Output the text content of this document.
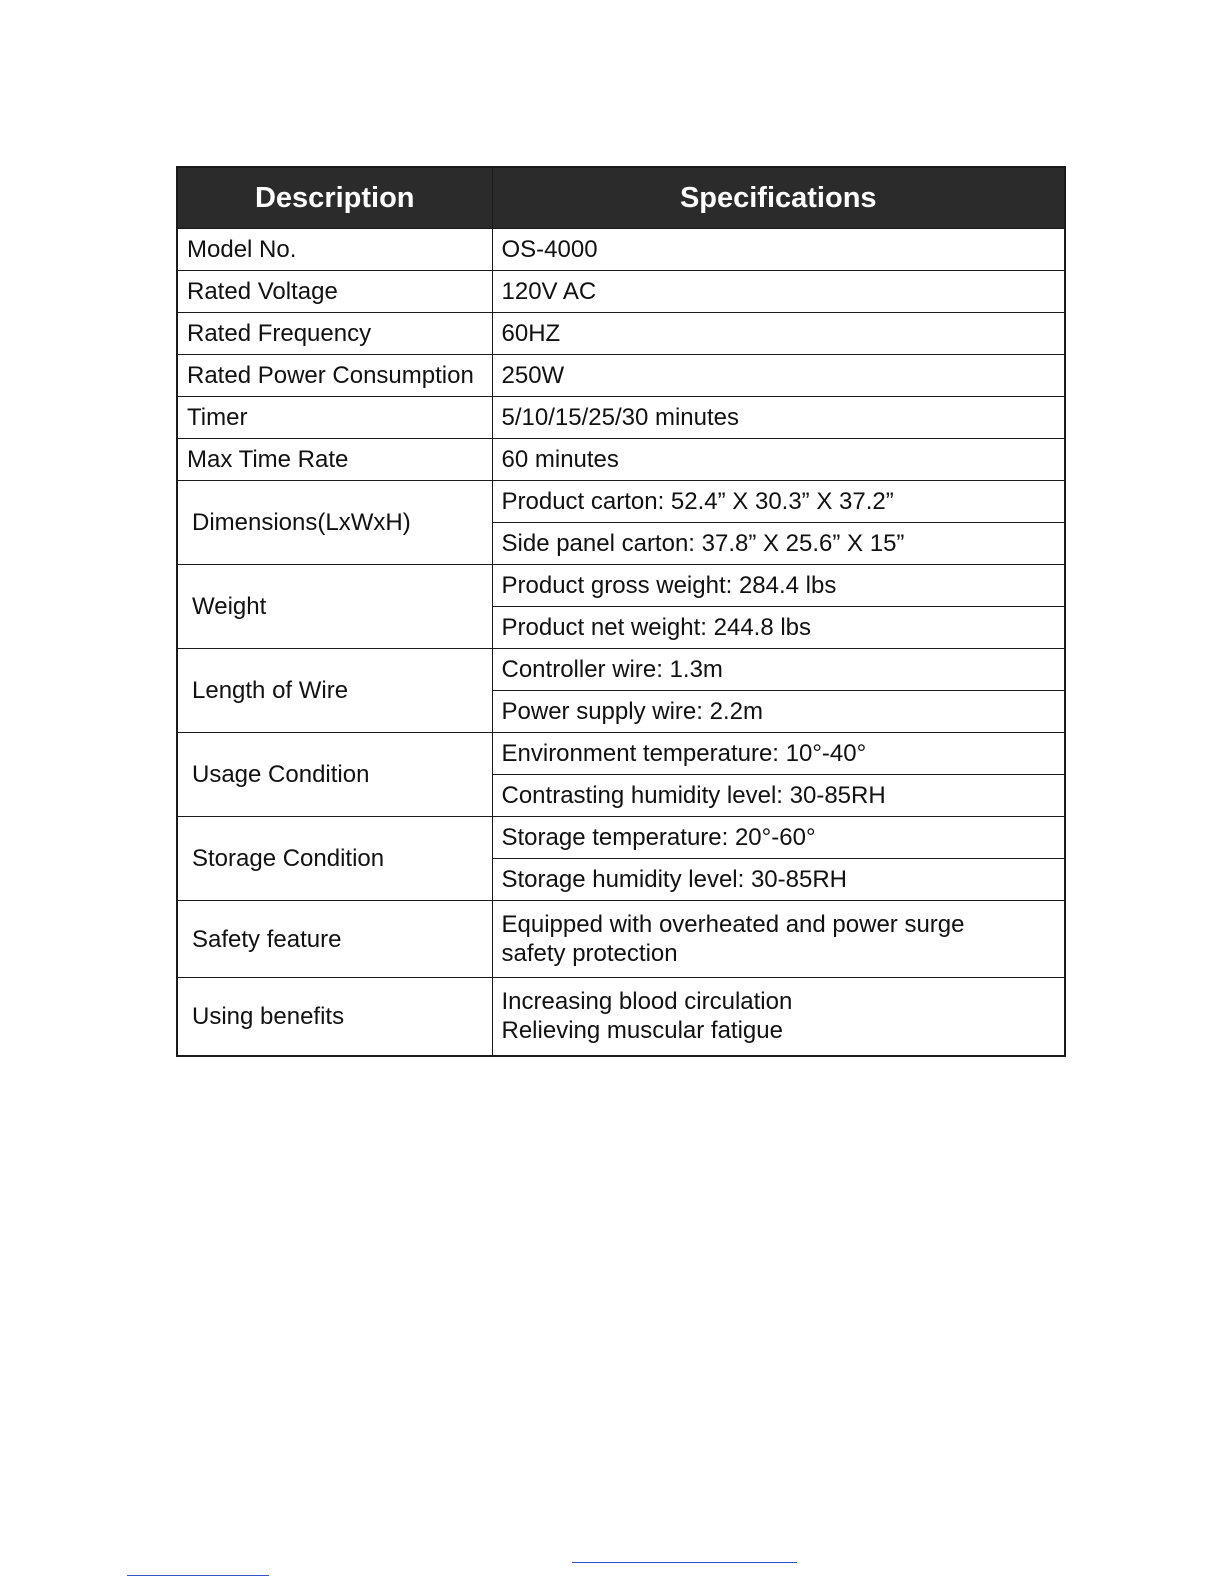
Description	Specifications
Model No.	OS-4000
Rated Voltage	120V AC
Rated Frequency	60HZ
Rated Power Consumption	250W
Timer	5/10/15/25/30 minutes
Max Time Rate	60 minutes
Dimensions(LxWxH)	Product carton: 52.4” X 30.3” X 37.2”
	Side panel carton: 37.8” X 25.6” X 15”
Weight	Product gross weight: 284.4 lbs
	Product net weight: 244.8 lbs
Length of Wire	Controller wire: 1.3m
	Power supply wire: 2.2m
Usage Condition	Environment temperature: 10°-40°
	Contrasting humidity level: 30-85RH
Storage Condition	Storage temperature: 20°-60°
	Storage humidity level: 30-85RH
Safety feature	Equipped with overheated and power surge
safety protection

Using benefits	Increasing blood circulation
Relieving muscular fatigue
